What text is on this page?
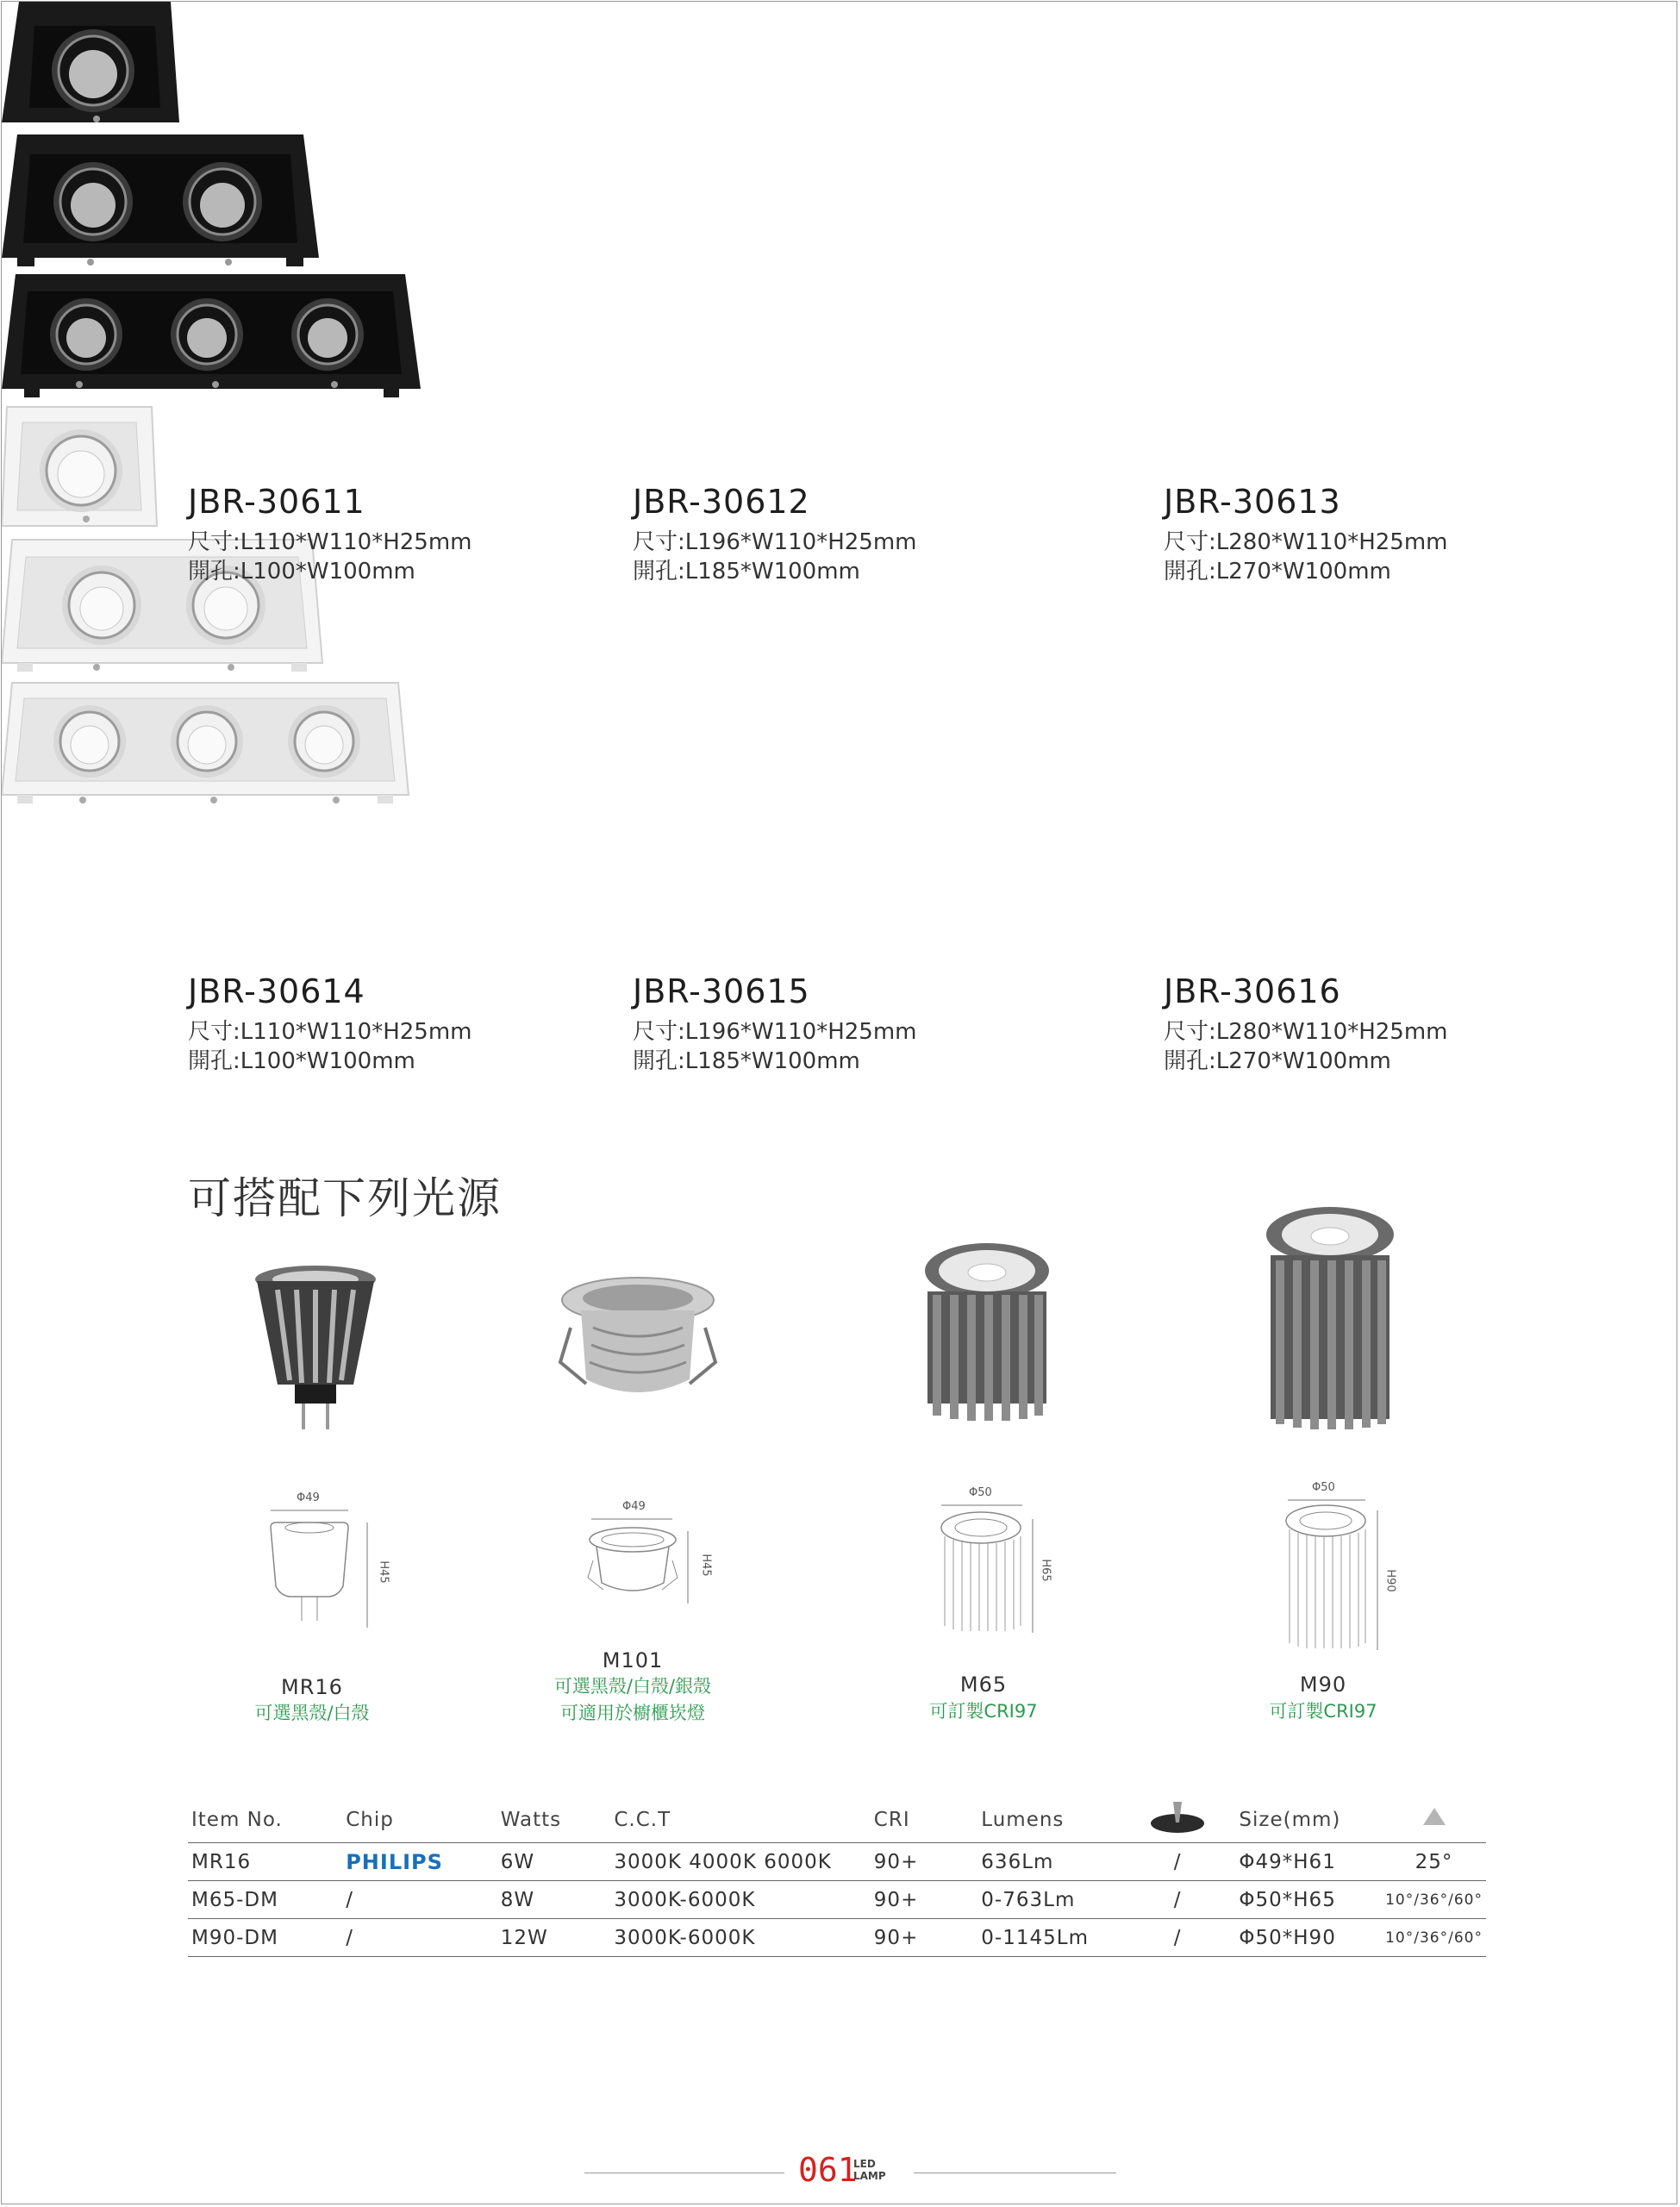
JBR-30611
尺寸:L110*W110*H25mm
開孔:L100*W100mm
JBR-30612
尺寸:L196*W110*H25mm
開孔:L185*W100mm
JBR-30613
尺寸:L280*W110*H25mm
開孔:L270*W100mm
JBR-30614
尺寸:L110*W110*H25mm
開孔:L100*W100mm
JBR-30615
尺寸:L196*W110*H25mm
開孔:L185*W100mm
JBR-30616
尺寸:L280*W110*H25mm
開孔:L270*W100mm
可搭配下列光源
Φ49
H45
Φ49
H45
Φ50
H65
Φ50
H90
MR16
可選黑殼/白殼
M101
可選黑殼/白殼/銀殼
可適用於櫥櫃崁燈
M65
可訂製CRI97
M90
可訂製CRI97
Item No.	Chip	Watts	C.C.T	CRI	Lumens		Size(mm)	
MR16	PHILIPS	6W	3000K 4000K 6000K	90+	636Lm	/	Φ49*H61	25°
M65-DM	/	8W	3000K-6000K	90+	0-763Lm	/	Φ50*H65	10°/36°/60°
M90-DM	/	12W	3000K-6000K	90+	0-1145Lm	/	Φ50*H90	10°/36°/60°
061
LED
LAMP
